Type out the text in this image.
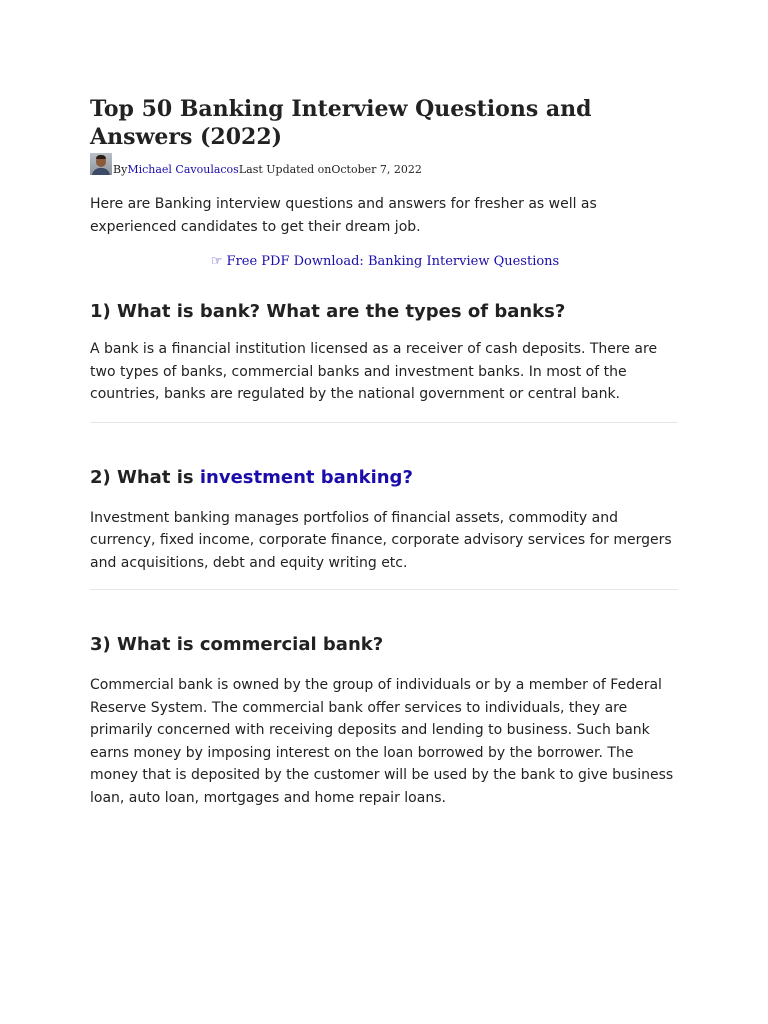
Top 50 Banking Interview Questions and Answers (2022)
By Michael Cavoulacos Last Updated on October 7, 2022

Here are Banking interview questions and answers for fresher as well as experienced candidates to get their dream job.

☞ Free PDF Download: Banking Interview Questions
1) What is bank? What are the types of banks?

A bank is a financial institution licensed as a receiver of cash deposits. There are two types of banks, commercial banks and investment banks. In most of the countries, banks are regulated by the national government or central bank.

2) What is investment banking?

Investment banking manages portfolios of financial assets, commodity and currency, fixed income, corporate finance, corporate advisory services for mergers and acquisitions, debt and equity writing etc.

3) What is commercial bank?

Commercial bank is owned by the group of individuals or by a member of Federal Reserve System. The commercial bank offer services to individuals, they are primarily concerned with receiving deposits and lending to business. Such bank earns money by imposing interest on the loan borrowed by the borrower. The money that is deposited by the customer will be used by the bank to give business loan, auto loan, mortgages and home repair loans.
